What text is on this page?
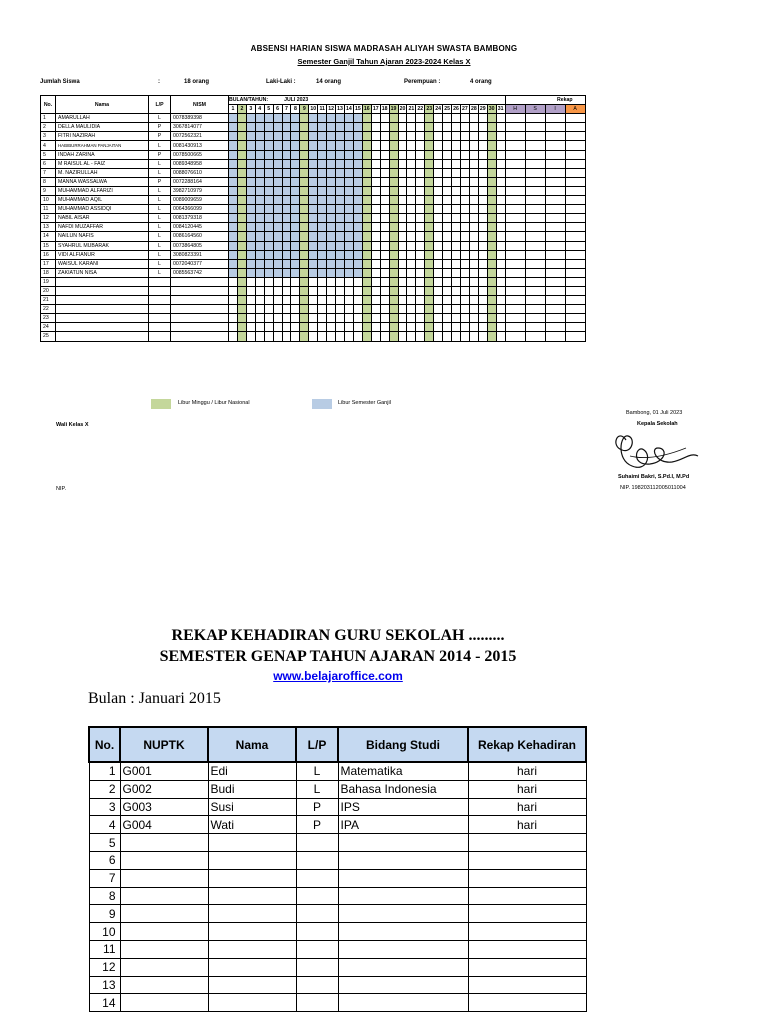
ABSENSI HARIAN SISWA MADRASAH ALIYAH SWASTA BAMBONG
Semester Ganjil Tahun Ajaran 2023-2024 Kelas X
Jumlah Siswa	:	18 orang	Laki-Laki :	14 orang	Perempuan :	4 orang
No.	Nama	L/P	NISM	BULAN/TAHUN: JULI 2023																															Rekap			
				1	2	3	4	5	6	7	8	9	10	11	12	13	14	15	16	17	18	19	20	21	22	23	24	25	26	27	28	29	30	31	H	S	I	A
1	AMARULLAH	L	0078389398																																			
2	DELLA MAULIDIA	P	3067814077																																			
3	FITRI NAZIRAH	P	0072562321																																			
4	HABIBURRAHMAN PANJAITAN	L	0081430913																																			
5	INDAH ZARINA	P	0078500665																																			
6	M RAISUL AL - FAIZ	L	0089348958																																			
7	M. NAZIRULLAH	L	0088076610																																			
8	MANNA WASSALWA	P	0072288164																																			
9	MUHAMMAD ALFARIZI	L	3982710979																																			
10	MUHAMMAD AQIL	L	0089009659																																			
11	MUHAMMAD ASSIDQI	L	0064366099																																			
12	NABIL AISAR	L	0081379318																																			
13	NAFDI MUZAFFAR	L	0084120445																																			
14	NAILUN NAFIS	L	0086164560																																			
15	SYAHRUL MUBARAK	L	0073864805																																			
16	VIDI ALFIANUR	L	3080823391																																			
17	WAISUL KARANI	L	0072040377																																			
18	ZAKIATUN NISA	L	0085563742																																			
19																																						
20																																						
21																																						
22																																						
23																																						
24																																						
25																																						
Libur Minggu / Libur Nasional	Libur Semester Ganjil
Wali Kelas X
NIP.
Bambong, 01 Juli 2023
Kepala Sekolah
Suhaimi Bakri, S.Pd.I, M.Pd
NIP. 198203112005011004
REKAP KEHADIRAN GURU SEKOLAH .........
SEMESTER GENAP TAHUN AJARAN 2014 - 2015
www.belajaroffice.com
Bulan : Januari 2015
No.	NUPTK	Nama	L/P	Bidang Studi	Rekap Kehadiran
1	G001	Edi	L	Matematika	hari
2	G002	Budi	L	Bahasa Indonesia	hari
3	G003	Susi	P	IPS	hari
4	G004	Wati	P	IPA	hari
5					
6					
7					
8					
9					
10					
11					
12					
13					
14					
